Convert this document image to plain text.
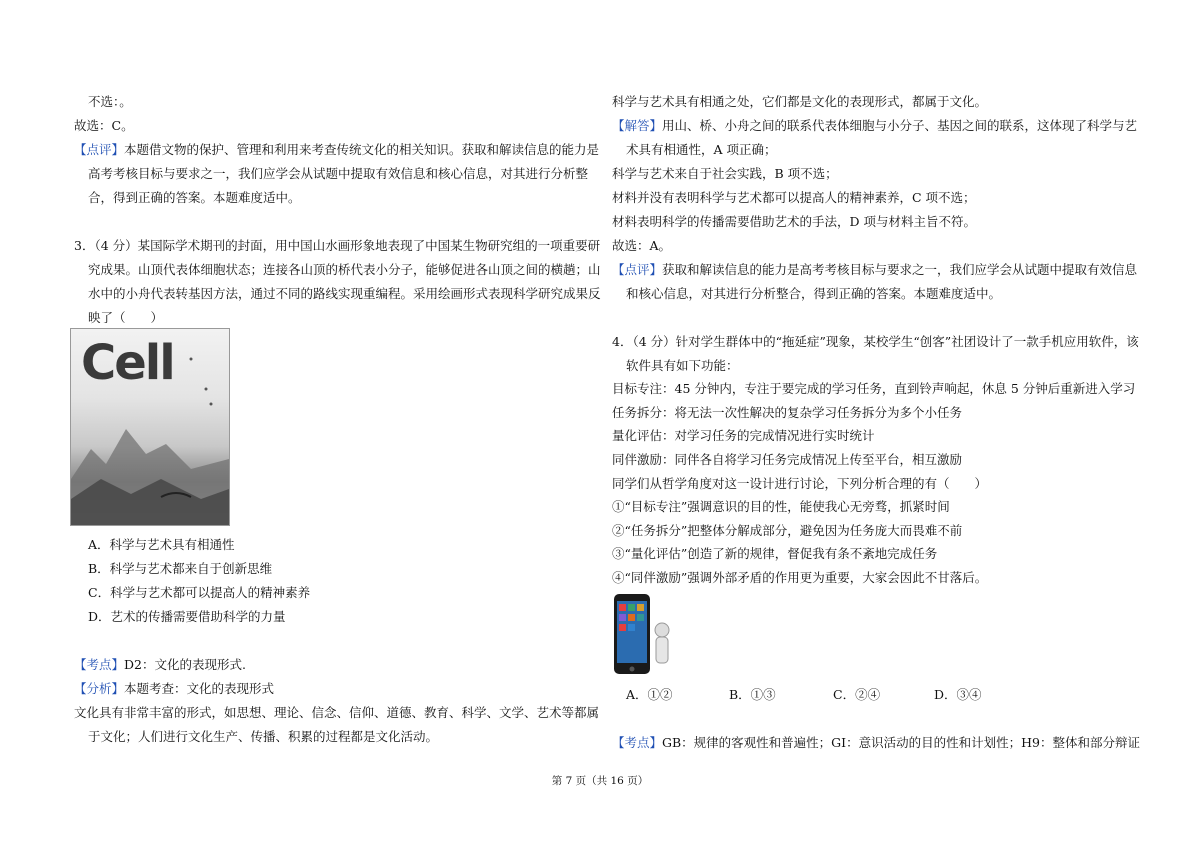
不选：。
故选：C。
【点评】本题借文物的保护、管理和利用来考查传统文化的相关知识。获取和解读信息的能力是
高考考核目标与要求之一，我们应学会从试题中提取有效信息和核心信息，对其进行分析整
合，得到正确的答案。本题难度适中。
3．（4 分）某国际学术期刊的封面，用中国山水画形象地表现了中国某生物研究组的一项重要研
究成果。山顶代表体细胞状态；连接各山顶的桥代表小分子，能够促进各山顶之间的横趟；山
水中的小舟代表转基因方法，通过不同的路线实现重编程。采用绘画形式表现科学研究成果反
映了（　　）
Cell
A．科学与艺术具有相通性
B．科学与艺术都来自于创新思维
C．科学与艺术都可以提高人的精神素养
D．艺术的传播需要借助科学的力量
【考点】D2：文化的表现形式.
【分析】本题考查：文化的表现形式
文化具有非常丰富的形式，如思想、理论、信念、信仰、道德、教育、科学、文学、艺术等都属
于文化；人们进行文化生产、传播、积累的过程都是文化活动。
科学与艺术具有相通之处，它们都是文化的表现形式，都属于文化。
【解答】用山、桥、小舟之间的联系代表体细胞与小分子、基因之间的联系，这体现了科学与艺
术具有相通性，A 项正确；
科学与艺术来自于社会实践，B 项不选；
材料并没有表明科学与艺术都可以提高人的精神素养，C 项不选；
材料表明科学的传播需要借助艺术的手法，D 项与材料主旨不符。
故选：A。
【点评】获取和解读信息的能力是高考考核目标与要求之一，我们应学会从试题中提取有效信息
和核心信息，对其进行分析整合，得到正确的答案。本题难度适中。
4．（4 分）针对学生群体中的“拖延症”现象，某校学生“创客”社团设计了一款手机应用软件，该
软件具有如下功能：
目标专注：45 分钟内，专注于要完成的学习任务，直到铃声响起，休息 5 分钟后重新进入学习
任务拆分：将无法一次性解决的复杂学习任务拆分为多个小任务
量化评估：对学习任务的完成情况进行实时统计
同伴激励：同伴各自将学习任务完成情况上传至平台，相互激励
同学们从哲学角度对这一设计进行讨论，下列分析合理的有（　　）
①“目标专注”强调意识的目的性，能使我心无旁骛，抓紧时间
②“任务拆分”把整体分解成部分，避免因为任务庞大而畏难不前
③“量化评估”创造了新的规律，督促我有条不紊地完成任务
④“同伴激励”强调外部矛盾的作用更为重要，大家会因此不甘落后。
A．①②	B．①③	C．②④	D．③④
【考点】GB：规律的客观性和普遍性；GI：意识活动的目的性和计划性；H9：整体和部分辩证
第 7 页（共 16 页）
